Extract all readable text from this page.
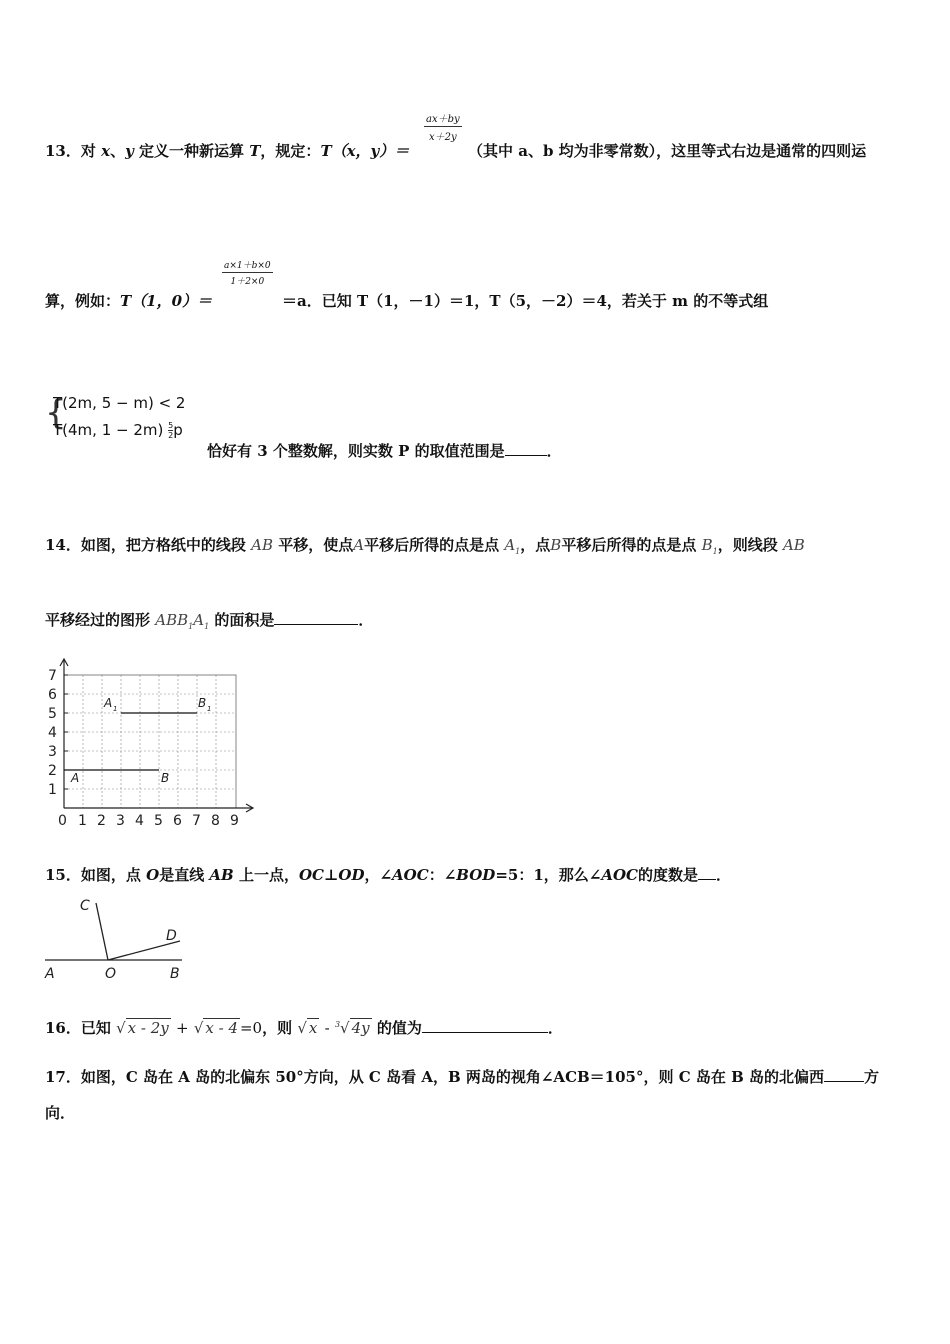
13．对 x、y 定义一种新运算 T，规定：T（x，y）＝
$\frac{ax+by}{x+2y}$
（其中 a、b 均为非零常数），这里等式右边是通常的四则运
算，例如：T（1，0）＝
$\frac{a\times 1+b\times 0}{1+2\times 0}$
＝a．已知 T（1，－1）＝1，T（5，－2）＝4，若关于 m 的不等式组
{
T(2m, 5 − m) < 2
T(4m, $1 - 2m) \frac{5}{2}$ p
恰好有 3 个整数解，则实数 P 的取值范围是	．
14．如图，把方格纸中的线段 AB 平移，使点A平移后所得的点是点 $A_1$，点B平移后所得的点是点 $B_1$，则线段 AB
平移经过的图形 $ABB_1A_1$ 的面积是	．
0 1 2 3 4 5 6 7 8 9
1
2
3
4
5
6
7
A 1	B 1
A	B
15．如图，点 O是直线 AB 上一点，OC⊥OD，∠AOC：∠BOD=5：1，那么∠AOC的度数是 ．
C
D
A	O	B
16．已知 √ x - 2y + √ x - 4 =0，则 √ x - $^3$√ 4y 的值为	．
17．如图，C 岛在 A 岛的北偏东 50°方向，从 C 岛看 A，B 两岛的视角∠ACB＝105°，则 C 岛在 B 岛的北偏西	方
向．
